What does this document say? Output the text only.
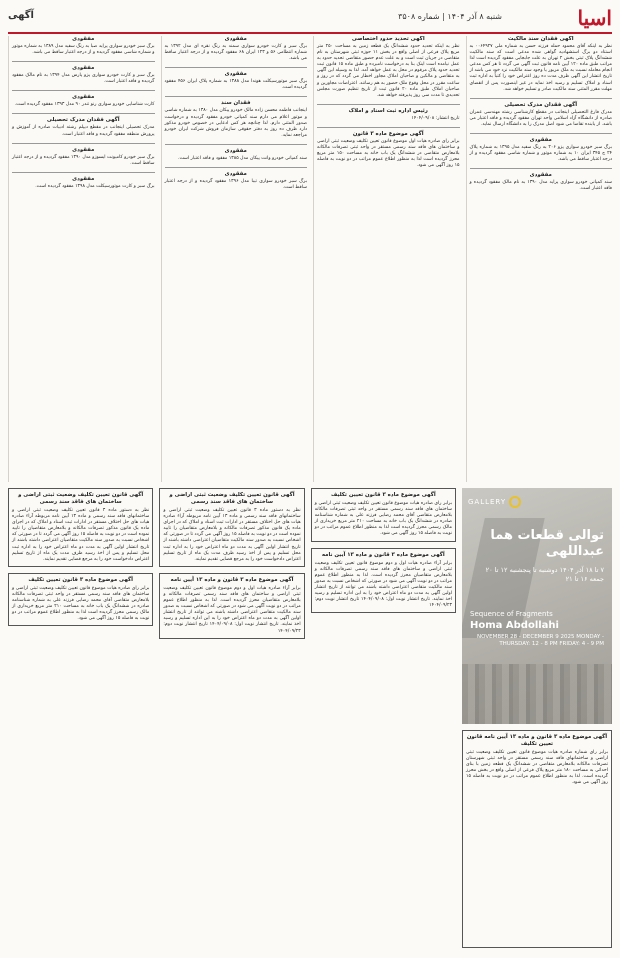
اسیا
شنبه ۸ آذر ۱۴۰۴ | شماره ۳۵۰۸
آگهی
آگهی فقدان سند مالکیت

نظر به اینکه آقای محمود حمله فرزند حسن به شماره ملی ۰۰۶۴۹۲۷ به استناد دو برگ استشهادیه گواهی شده مدعی است که سند مالکیت ششدانگ پلاک ثبتی بخش ۲ تهران به علت جابجایی مفقود گردیده است لذا مراتب طبق ماده ۱۲۰ آیین نامه قانون ثبت آگهی می گردد تا هر کس مدعی انجام معامله نسبت به ملک مزبور یا وجود سند مالکیت نزد خود می باشد از تاریخ انتشار این آگهی ظرف مدت ده روز اعتراض خود را کتباً به اداره ثبت اسناد و املاک تسلیم و رسید اخذ نماید در غیر اینصورت پس از انقضای مهلت مقرر المثنی سند مالکیت صادر و تسلیم خواهد شد.

آگهی فقدان مدرک تحصیلی

مدرک فارغ التحصیلی اینجانب در مقطع کارشناسی رشته مهندسی عمران صادره از دانشگاه آزاد اسلامی واحد تهران مفقود گردیده و فاقد اعتبار می باشد. از یابنده تقاضا می شود اصل مدرک را به دانشگاه ارسال نماید.

مفقودی

برگ سبز خودرو سواری پژو ۲۰۶ به رنگ سفید مدل ۱۳۹۵ به شماره پلاک ۲۴ ج ۳۴۵ ایران ۱۰ به شماره موتور و شماره شاسی مفقود گردیده و از درجه اعتبار ساقط می باشد.

مفقودی

سند کمپانی خودرو سواری پراید مدل ۱۳۹۰ به نام مالک مفقود گردیده و فاقد اعتبار است.

آگهی تحدید حدود اختصاصی

نظر به اینکه تحدید حدود ششدانگ یک قطعه زمین به مساحت ۲۵۰ متر مربع پلاک فرعی از اصلی واقع در بخش ۱۱ حوزه ثبتی شهرستان به نام متقاضی در جریان ثبت است و به علت عدم حضور متقاضی تحدید حدود به عمل نیامده است اینک بنا به درخواست نامبرده و طبق ماده ۱۵ قانون ثبت تحدید حدود پلاک مرقوم در محل به عمل خواهد آمد. لذا به وسیله این آگهی به متقاضی و مالکین و صاحبان املاک مجاور اخطار می گردد که در روز و ساعت مقرر در محل وقوع ملک حضور به هم رسانند. اعتراضات مجاورین و صاحبان املاک طبق ماده ۲۰ قانون ثبت از تاریخ تنظیم صورت مجلس تحدیدی تا مدت سی روز پذیرفته خواهد شد.

رئیس اداره ثبت اسناد و املاک

تاریخ انتشار: ۱۴۰۴/۰۹/۰۸

آگهی موضوع ماده ۳ قانون

برابر رای صادره هیات اول موضوع قانون تعیین تکلیف وضعیت ثبتی اراضی و ساختمان های فاقد سند رسمی مستقر در واحد ثبتی تصرفات مالکانه بلامعارض متقاضی در ششدانگ یک باب خانه به مساحت ۱۵۰ متر مربع محرز گردیده است لذا به منظور اطلاع عموم مراتب در دو نوبت به فاصله ۱۵ روز آگهی می شود.

مفقودی

برگ سبز و کارت خودرو سواری سمند به رنگ نقره ای مدل ۱۳۹۲ به شماره انتظامی ۵۶ و ۱۲۳ ایران ۶۸ مفقود گردیده و از درجه اعتبار ساقط می باشد.

مفقودی

برگ سبز موتورسیکلت هوندا مدل ۱۳۸۸ به شماره پلاک ایران ۴۵۶ مفقود گردیده است.

فقدان سند

اینجانب فاطمه محسن زاده مالک خودرو پیکان مدل ۱۳۸۰ به شماره شاسی و موتور اعلام می دارم سند کمپانی خودرو مفقود گردیده و درخواست صدور المثنی دارم. لذا چنانچه هر کس ادعایی در خصوص خودرو مذکور دارد ظرف ده روز به دفتر حقوقی سازمان فروش شرکت ایران خودرو مراجعه نماید.

مفقودی

سند کمپانی خودرو وانت پیکان مدل ۱۳۸۵ مفقود و فاقد اعتبار است.

مفقودی

برگ سبز خودرو سواری تیبا مدل ۱۳۹۶ مفقود گردیده و از درجه اعتبار ساقط است.

مفقودی

برگ سبز خودرو سواری پراید صبا به رنگ سفید مدل ۱۳۸۹ به شماره موتور و شماره شاسی مفقود گردیده و از درجه اعتبار ساقط می باشد.

مفقودی

برگ سبز و کارت خودرو سواری پژو پارس مدل ۱۳۹۴ به نام مالک مفقود گردیده و فاقد اعتبار است.

مفقودی

کارت شناسایی خودرو سواری رنو تندر ۹۰ مدل ۱۳۹۳ مفقود گردیده است.

آگهی فقدان مدرک تحصیلی

مدرک تحصیلی اینجانب در مقطع دیپلم رشته ادبیات صادره از آموزش و پرورش منطقه مفقود گردیده و فاقد اعتبار است.

مفقودی

برگ سبز خودرو کامیونت ایسوزو مدل ۱۳۹۰ مفقود گردیده و از درجه اعتبار ساقط است.

مفقودی

برگ سبز و کارت موتورسیکلت مدل ۱۳۹۸ مفقود گردیده است.

GALLERY
توالی قطعات هما عبداللهی
۷ تا ۱۸ آذر ۱۴۰۴ دوشنبه تا پنجشنبه ۱۲ تا ۲۰ جمعه ۱۶ تا ۲۱
Sequence of Fragments
Homa Abdollahi
NOVEMBER 28 - DECEMBER 9 2025 MONDAY - THURSDAY: 12 - 8 PM FRIDAY: 4 - 9 PM
آگهی موضوع ماده ۳ قانون و ماده ۱۳ آیین نامه قانون تعیین تکلیف

برابر رای شماره صادره هیات موضوع قانون تعیین تکلیف وضعیت ثبتی اراضی و ساختمانهای فاقد سند رسمی مستقر در واحد ثبتی شهرستان تصرفات مالکانه بلامعارض متقاضی در ششدانگ یک قطعه زمین با بنای احداثی به مساحت ۱۸۰ متر مربع پلاک فرعی از اصلی واقع در بخش محرز گردیده است. لذا به منظور اطلاع عموم مراتب در دو نوبت به فاصله ۱۵ روز آگهی می شود.

آگهی موضوع ماده ۳ قانون تعیین تکلیف

برابر رای صادره هیات موضوع قانون تعیین تکلیف وضعیت ثبتی اراضی و ساختمان های فاقد سند رسمی مستقر در واحد ثبتی تصرفات مالکانه بلامعارض متقاضی آقای محمد رضایی فرزند علی به شماره شناسنامه صادره در ششدانگ یک باب خانه به مساحت ۲۱۰ متر مربع خریداری از مالک رسمی محرز گردیده است لذا به منظور اطلاع عموم مراتب در دو نوبت به فاصله ۱۵ روز آگهی می شود.

آگهی موضوع ماده ۳ قانون و ماده ۱۳ آیین نامه

برابر آراء صادره هیات اول و دوم موضوع قانون تعیین تکلیف وضعیت ثبتی اراضی و ساختمان های فاقد سند رسمی تصرفات مالکانه و بلامعارض متقاضیان محرز گردیده است. لذا به منظور اطلاع عموم مراتب در دو نوبت آگهی می شود در صورتی که اشخاص نسبت به صدور سند مالکیت متقاضی اعتراضی داشته باشند می توانند از تاریخ انتشار اولین آگهی به مدت دو ماه اعتراض خود را به این اداره تسلیم و رسید اخذ نمایند. تاریخ انتشار نوبت اول: ۱۴۰۴/۰۹/۰۸ تاریخ انتشار نوبت دوم: ۱۴۰۴/۰۹/۲۳

آگهی قانون تعیین تکلیف وضعیت ثبتی اراضی و ساختمان های فاقد سند رسمی

نظر به دستور ماده ۳ قانون تعیین تکلیف وضعیت ثبتی اراضی و ساختمانهای فاقد سند رسمی و ماده ۱۳ آیین نامه مربوطه آراء صادره هیات های حل اختلاف مستقر در ادارات ثبت اسناد و املاک که در اجرای ماده یک قانون مذکور تصرفات مالکانه و بلامعارض متقاضیان را تایید نموده است در دو نوبت به فاصله ۱۵ روز آگهی می گردد تا در صورتی که اشخاص نسبت به صدور سند مالکیت متقاضیان اعتراضی داشته باشند از تاریخ انتشار اولین آگهی به مدت دو ماه اعتراض خود را به اداره ثبت محل تسلیم و پس از اخذ رسید ظرف مدت یک ماه از تاریخ تسلیم اعتراض دادخواست خود را به مرجع قضایی تقدیم نمایند.

آگهی موضوع ماده ۳ قانون و ماده ۱۳ آیین نامه

برابر آراء صادره هیات اول و دوم موضوع قانون تعیین تکلیف وضعیت ثبتی اراضی و ساختمان های فاقد سند رسمی تصرفات مالکانه و بلامعارض متقاضیان محرز گردیده است. لذا به منظور اطلاع عموم مراتب در دو نوبت آگهی می شود در صورتی که اشخاص نسبت به صدور سند مالکیت متقاضی اعتراضی داشته باشند می توانند از تاریخ انتشار اولین آگهی به مدت دو ماه اعتراض خود را به این اداره تسلیم و رسید اخذ نمایند. تاریخ انتشار نوبت اول: ۱۴۰۴/۰۹/۰۸ تاریخ انتشار نوبت دوم: ۱۴۰۴/۰۹/۲۳

آگهی قانون تعیین تکلیف وضعیت ثبتی اراضی و ساختمان های فاقد سند رسمی

نظر به دستور ماده ۳ قانون تعیین تکلیف وضعیت ثبتی اراضی و ساختمانهای فاقد سند رسمی و ماده ۱۳ آیین نامه مربوطه آراء صادره هیات های حل اختلاف مستقر در ادارات ثبت اسناد و املاک که در اجرای ماده یک قانون مذکور تصرفات مالکانه و بلامعارض متقاضیان را تایید نموده است در دو نوبت به فاصله ۱۵ روز آگهی می گردد تا در صورتی که اشخاص نسبت به صدور سند مالکیت متقاضیان اعتراضی داشته باشند از تاریخ انتشار اولین آگهی به مدت دو ماه اعتراض خود را به اداره ثبت محل تسلیم و پس از اخذ رسید ظرف مدت یک ماه از تاریخ تسلیم اعتراض دادخواست خود را به مرجع قضایی تقدیم نمایند.

آگهی موضوع ماده ۳ قانون تعیین تکلیف

برابر رای صادره هیات موضوع قانون تعیین تکلیف وضعیت ثبتی اراضی و ساختمان های فاقد سند رسمی مستقر در واحد ثبتی تصرفات مالکانه بلامعارض متقاضی آقای محمد رضایی فرزند علی به شماره شناسنامه صادره در ششدانگ یک باب خانه به مساحت ۲۱۰ متر مربع خریداری از مالک رسمی محرز گردیده است لذا به منظور اطلاع عموم مراتب در دو نوبت به فاصله ۱۵ روز آگهی می شود.
